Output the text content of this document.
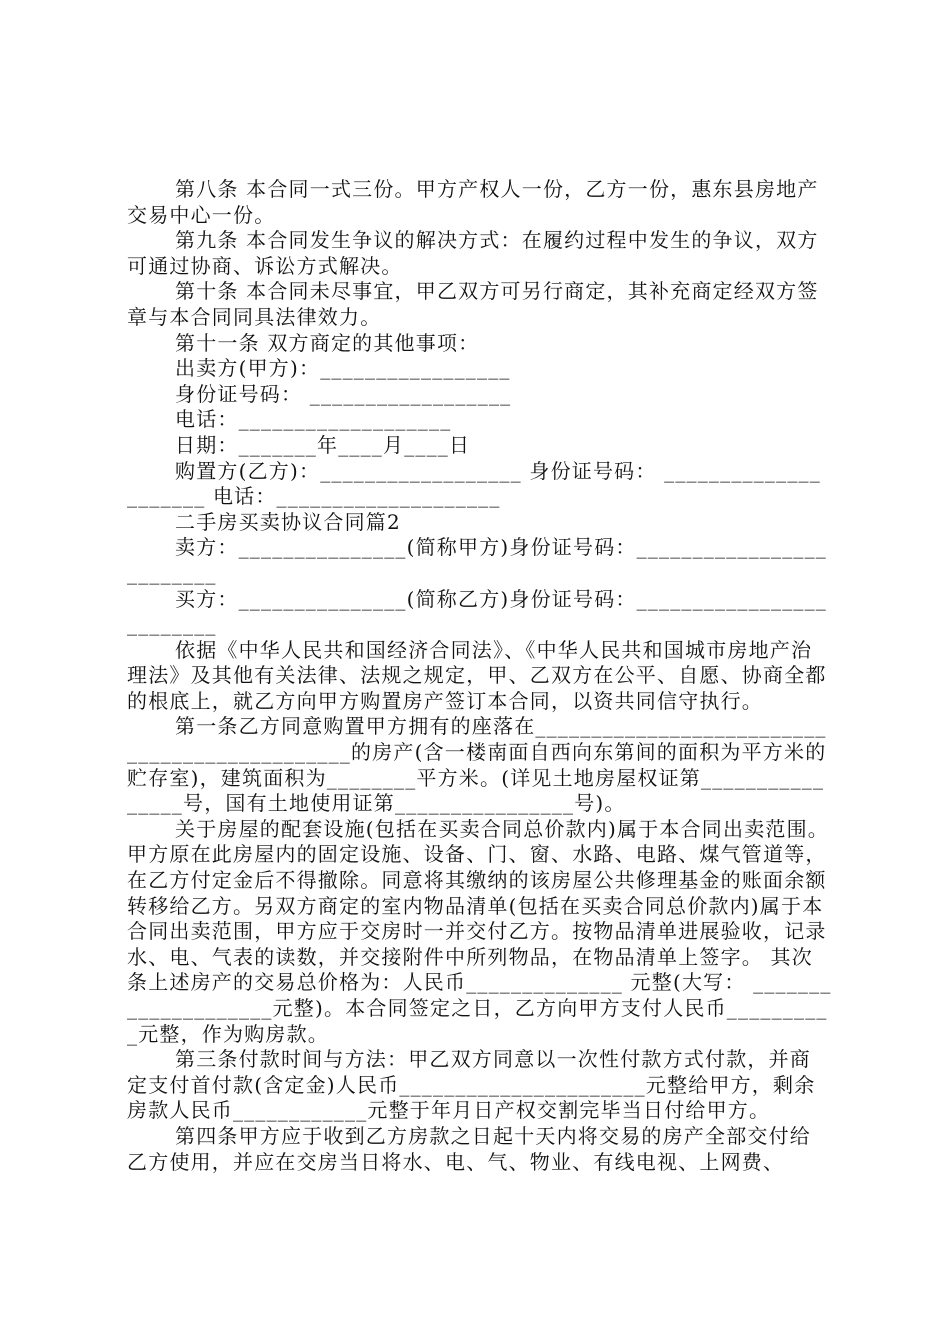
第八条 本合同一式三份。甲方产权人一份，乙方一份，惠东县房地产交易中心一份。

第九条 本合同发生争议的解决方式：在履约过程中发生的争议，双方可通过协商、诉讼方式解决。

第十条 本合同未尽事宜，甲乙双方可另行商定，其补充商定经双方签章与本合同同具法律效力。

第十一条 双方商定的其他事项：

出卖方(甲方)：_________________

身份证号码： __________________

电话：___________________

日期：_______年____月____日

购置方(乙方)：__________________ 身份证号码： _____________________ 电话：____________________

二手房买卖协议合同篇2

卖方：_______________(简称甲方)身份证号码：_________________________

买方：_______________(简称乙方)身份证号码：_________________________

依据《中华人民共和国经济合同法》、《中华人民共和国城市房地产治理法》及其他有关法律、法规之规定，甲、乙双方在公平、自愿、协商全都的根底上，就乙方向甲方购置房产签订本合同，以资共同信守执行。

第一条乙方同意购置甲方拥有的座落在______________________________________________的房产(含一楼南面自西向东第间的面积为平方米的贮存室)，建筑面积为________平方米。(详见土地房屋权证第________________号，国有土地使用证第________________号)。

关于房屋的配套设施(包括在买卖合同总价款内)属于本合同出卖范围。甲方原在此房屋内的固定设施、设备、门、窗、水路、电路、煤气管道等，在乙方付定金后不得撤除。同意将其缴纳的该房屋公共修理基金的账面余额转移给乙方。另双方商定的室内物品清单(包括在买卖合同总价款内)属于本合同出卖范围，甲方应于交房时一并交付乙方。按物品清单进展验收，记录水、电、气表的读数，并交接附件中所列物品，在物品清单上签字。 其次条上述房产的交易总价格为：人民币______________ 元整(大写： ____________________元整)。本合同签定之日，乙方向甲方支付人民币__________元整，作为购房款。

第三条付款时间与方法：甲乙双方同意以一次性付款方式付款，并商定支付首付款(含定金)人民币______________________元整给甲方，剩余房款人民币____________元整于年月日产权交割完毕当日付给甲方。

第四条甲方应于收到乙方房款之日起十天内将交易的房产全部交付给乙方使用，并应在交房当日将水、电、气、物业、有线电视、上网费、
